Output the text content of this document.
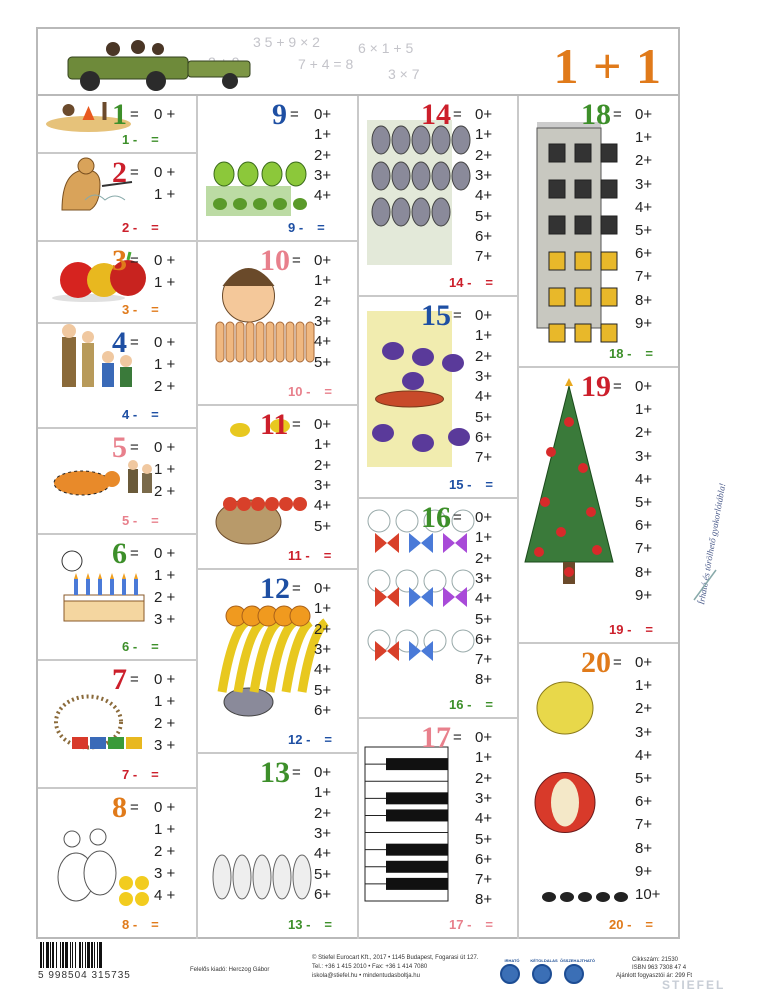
3 5 + 9 × 2
7 + 4 = 8
6 × 1 + 5
3 × 7	1 + 1
1 = 0 +
1 - =
2 = 0 +
1 +
2 - =
3 = 0 +
1 +
3 - =
4 = 0 +
1 +
2 +
4 - =
5 = 0 +
1 +
2 +
5 - =
6 = 0 +
1 +
2 +
3 +
6 - =
7 = 0 +
1 +
2 +
3 +
7 - =
8 = 0 +
1 +
2 +
3 +
4 +
8 - =
9 = 0+
1+
2+
3+
4+
9 - =
10 = 0+
1+
2+
3+
4+
5+
10 - =
11 = 0+
1+
2+
3+
4+
5+
11 - =
12 = 0+
1+
2+
3+
4+
5+
6+
12 - =
13 = 0+
1+
2+
3+
4+
5+
6+
13 - =
14 = 0+
1+
2+
3+
4+
5+
6+
7+
14 - =
15 = 0+
1+
2+
3+
4+
5+
6+
7+
15 - =
16 = 0+
1+
2+
3+
4+
5+
6+
7+
8+
16 - =
17 = 0+
1+
2+
3+
4+
5+
6+
7+
8+
17 - =
18 = 0+
1+
2+
3+
4+
5+
6+
7+
8+
9+
18 - =
19 = 0+
1+
2+
3+
4+
5+
6+
7+
8+
9+
19 - =
20 = 0+
1+
2+
3+
4+
5+
6+
7+
8+
9+
10+
20 - =
Írható és törölhető gyakorlótábla!
5 998504 315735	Felelős kiadó: Herczog Gábor
© Stiefel Eurocart Kft., 2017 • 1145 Budapest, Fogarasi út 127.
Tel.: +36 1 415 2010 • Fax: +36 1 414 7080
iskola@stiefel.hu • mindentudasboltja.hu
IRHATÓ	KÉTOLDALAS ÖSSZEHAJTHATÓ	Cikkszám: 21530
ISBN 963 7308 47 4
Ajánlott fogyasztói ár: 299 Ft
STIEFEL
